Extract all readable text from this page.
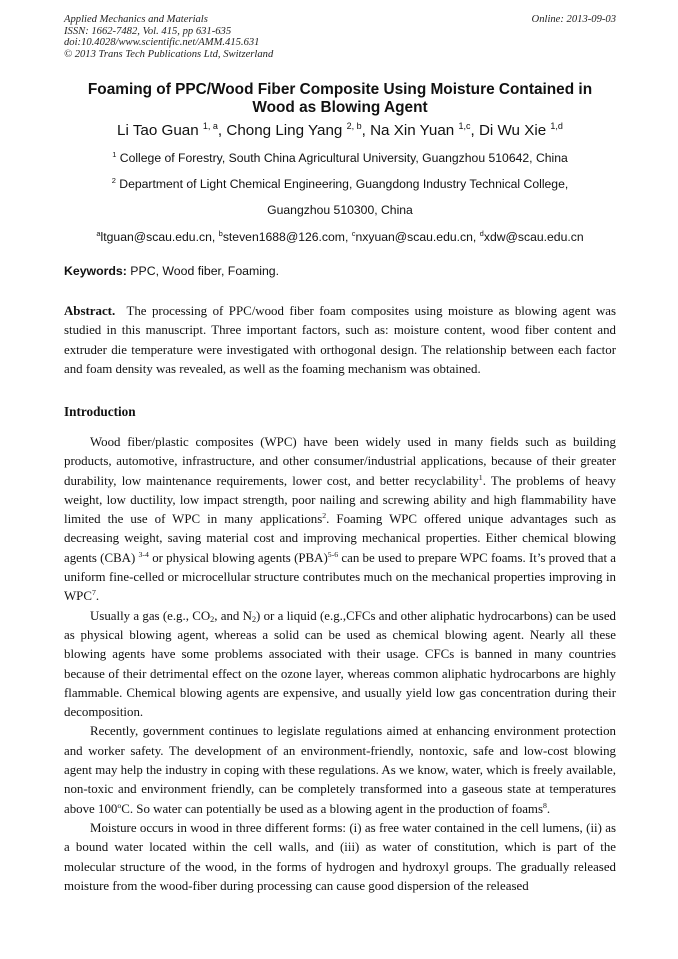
Applied Mechanics and Materials
ISSN: 1662-7482, Vol. 415, pp 631-635
doi:10.4028/www.scientific.net/AMM.415.631
© 2013 Trans Tech Publications Ltd, Switzerland
Online: 2013-09-03
Foaming of PPC/Wood Fiber Composite Using Moisture Contained in
Wood as Blowing Agent
Li Tao Guan $^{1, a}$, Chong Ling Yang $^{2, b}$, Na Xin Yuan $^{1,c}$, Di Wu Xie $^{1,d}$
$^1$ College of Forestry, South China Agricultural University, Guangzhou 510642, China
$^2$ Department of Light Chemical Engineering, Guangdong Industry Technical College,
Guangzhou 510300, China
$^a$ltguan@scau.edu.cn, $^b$steven1688@126.com, $^c$nxyuan@scau.edu.cn, $^d$xdw@scau.edu.cn
Keywords: PPC, Wood fiber, Foaming.
Abstract. The processing of PPC/wood fiber foam composites using moisture as blowing agent was studied in this manuscript. Three important factors, such as: moisture content, wood fiber content and extruder die temperature were investigated with orthogonal design. The relationship between each factor and foam density was revealed, as well as the foaming mechanism was obtained.
Introduction

Wood fiber/plastic composites (WPC) have been widely used in many fields such as building products, automotive, infrastructure, and other consumer/industrial applications, because of their greater durability, low maintenance requirements, lower cost, and better recyclability$^1$. The problems of heavy weight, low ductility, low impact strength, poor nailing and screwing ability and high flammability have limited the use of WPC in many applications$^2$. Foaming WPC offered unique advantages such as decreasing weight, saving material cost and improving mechanical properties. Either chemical blowing agents (CBA) $^{3-4}$ or physical blowing agents (PBA)$^{5-6}$ can be used to prepare WPC foams. It’s proved that a uniform fine-celled or microcellular structure contributes much on the mechanical properties improving in WPC$^7$.

Usually a gas (e.g., $CO_2$, and $N_2$) or a liquid (e.g.,CFCs and other aliphatic hydrocarbons) can be used as physical blowing agent, whereas a solid can be used as chemical blowing agent. Nearly all these blowing agents have some problems associated with their usage. CFCs is banned in many countries because of their detrimental effect on the ozone layer, whereas common aliphatic hydrocarbons are highly flammable. Chemical blowing agents are expensive, and usually yield low gas concentration during their decomposition.

Recently, government continues to legislate regulations aimed at enhancing environment protection and worker safety. The development of an environment-friendly, nontoxic, safe and low-cost blowing agent may help the industry in coping with these regulations. As we know, water, which is freely available, non-toxic and environment friendly, can be completely transformed into a gaseous state at temperatures above 100$^o$C. So water can potentially be used as a blowing agent in the production of foams$^8$.

Moisture occurs in wood in three different forms: (i) as free water contained in the cell lumens, (ii) as a bound water located within the cell walls, and (iii) as water of constitution, which is part of the molecular structure of the wood, in the forms of hydrogen and hydroxyl groups. The gradually released moisture from the wood-fiber during processing can cause good dispersion of the released
